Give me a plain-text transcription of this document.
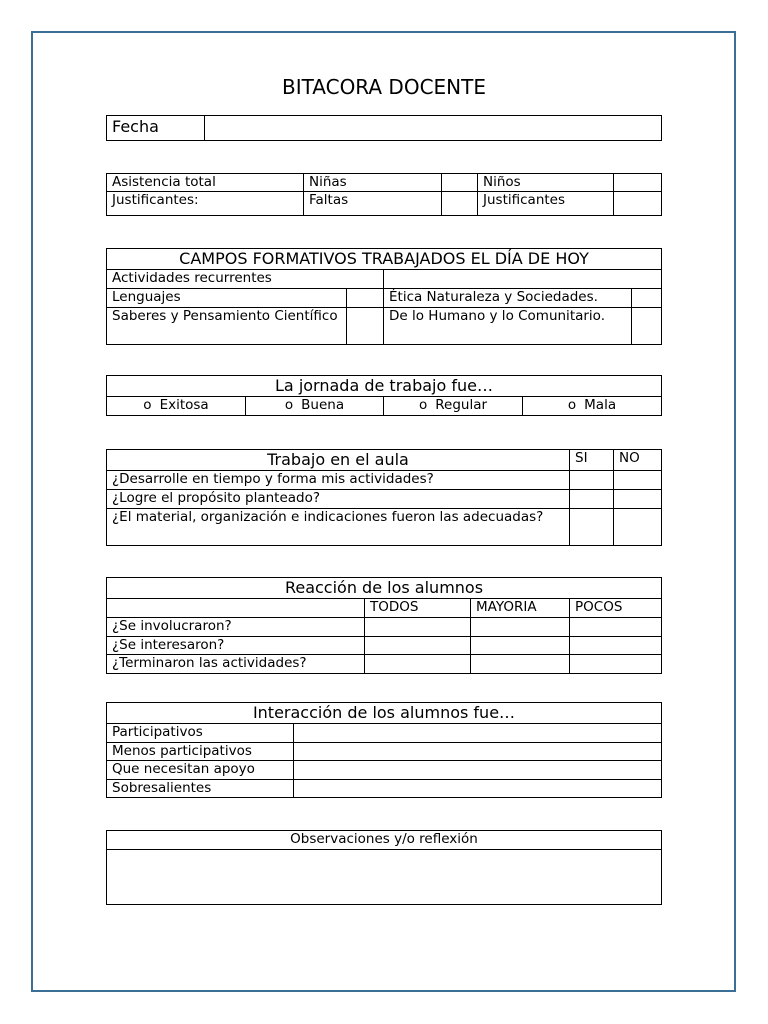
BITACORA DOCENTE
Fecha	
Asistencia total	Niñas		Niños	
Justificantes:	Faltas		Justificantes	
CAMPOS FORMATIVOS TRABAJADOS EL DÍA DE HOY			
Actividades recurrentes			
Lenguajes		Ética Naturaleza y Sociedades.	
Saberes y Pensamiento Científico		De lo Humano y lo Comunitario.	
La jornada de trabajo fue…
o Exitosa	o Buena	o Regular	o Mala
Trabajo en el aula	SI	NO
¿Desarrolle en tiempo y forma mis actividades?		
¿Logre el propósito planteado?		
¿El material, organización e indicaciones fueron las adecuadas?		
Reacción de los alumnos			
	TODOS	MAYORIA	POCOS
¿Se involucraron?			
¿Se interesaron?			
¿Terminaron las actividades?			
Interacción de los alumnos fue…	
Participativos	
Menos participativos	
Que necesitan apoyo	
Sobresalientes	
Observaciones y/o reflexión
